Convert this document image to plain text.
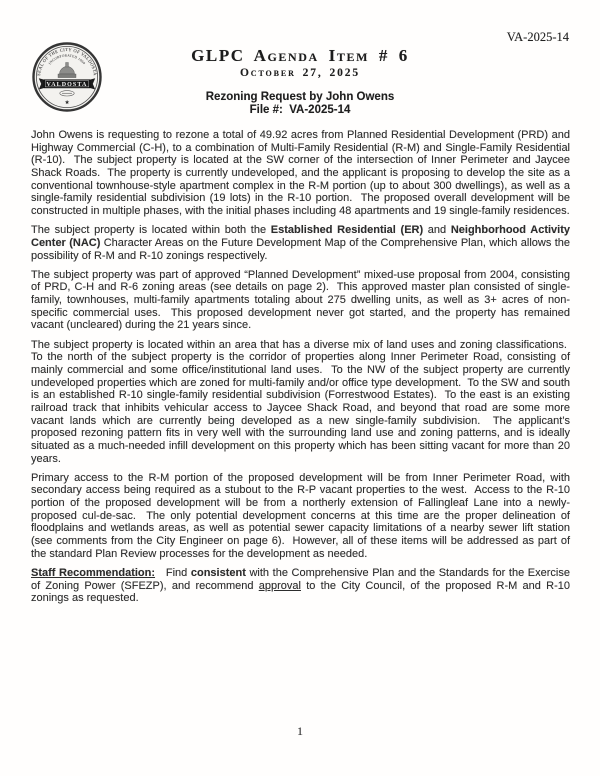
VA-2025-14
SEAL OF THE CITY OF VALDOSTA
INCORPORATED 1860
VALDOSTA
★
GLPC Agenda Item # 6
October 27, 2025
Rezoning Request by John Owens
File #:  VA-2025-14

John Owens is requesting to rezone a total of 49.92 acres from Planned Residential Development (PRD) and Highway Commercial (C-H), to a combination of Multi-Family Residential (R-M) and Single-Family Residential (R-10).  The subject property is located at the SW corner of the intersection of Inner Perimeter and Jaycee Shack Roads.  The property is currently undeveloped, and the applicant is proposing to develop the site as a conventional townhouse-style apartment complex in the R-M portion (up to about 300 dwellings), as well as a single-family residential subdivision (19 lots) in the R-10 portion.  The proposed overall development will be constructed in multiple phases, with the initial phases including 48 apartments and 19 single-family residences.

The subject property is located within both the Established Residential (ER) and Neighborhood Activity Center (NAC) Character Areas on the Future Development Map of the Comprehensive Plan, which allows the possibility of R-M and R-10 zonings respectively.

The subject property was part of approved “Planned Development” mixed-use proposal from 2004, consisting of PRD, C-H and R-6 zoning areas (see details on page 2).  This approved master plan consisted of single-family, townhouses, multi-family apartments totaling about 275 dwelling units, as well as 3+ acres of non-specific commercial uses.  This proposed development never got started, and the property has remained vacant (uncleared) during the 21 years since.

The subject property is located within an area that has a diverse mix of land uses and zoning classifications.  To the north of the subject property is the corridor of properties along Inner Perimeter Road, consisting of mainly commercial and some office/institutional land uses.  To the NW of the subject property are currently undeveloped properties which are zoned for multi-family and/or office type development.  To the SW and south is an established R-10 single-family residential subdivision (Forrestwood Estates).  To the east is an existing railroad track that inhibits vehicular access to Jaycee Shack Road, and beyond that road are some more vacant lands which are currently being developed as a new single-family subdivision.  The applicant’s proposed rezoning pattern fits in very well with the surrounding land use and zoning patterns, and is ideally situated as a much-needed infill development on this property which has been sitting vacant for more than 20 years.

Primary access to the R-M portion of the proposed development will be from Inner Perimeter Road, with secondary access being required as a stubout to the R-P vacant properties to the west.  Access to the R-10 portion of the proposed development will be from a northerly extension of Fallingleaf Lane into a newly-proposed cul-de-sac.  The only potential development concerns at this time are the proper delineation of floodplains and wetlands areas, as well as potential sewer capacity limitations of a nearby sewer lift station (see comments from the City Engineer on page 6).  However, all of these items will be addressed as part of the standard Plan Review processes for the development as needed.

Staff Recommendation:   Find consistent with the Comprehensive Plan and the Standards for the Exercise of Zoning Power (SFEZP), and recommend approval to the City Council, of the proposed R-M and R-10 zonings as requested.

1
